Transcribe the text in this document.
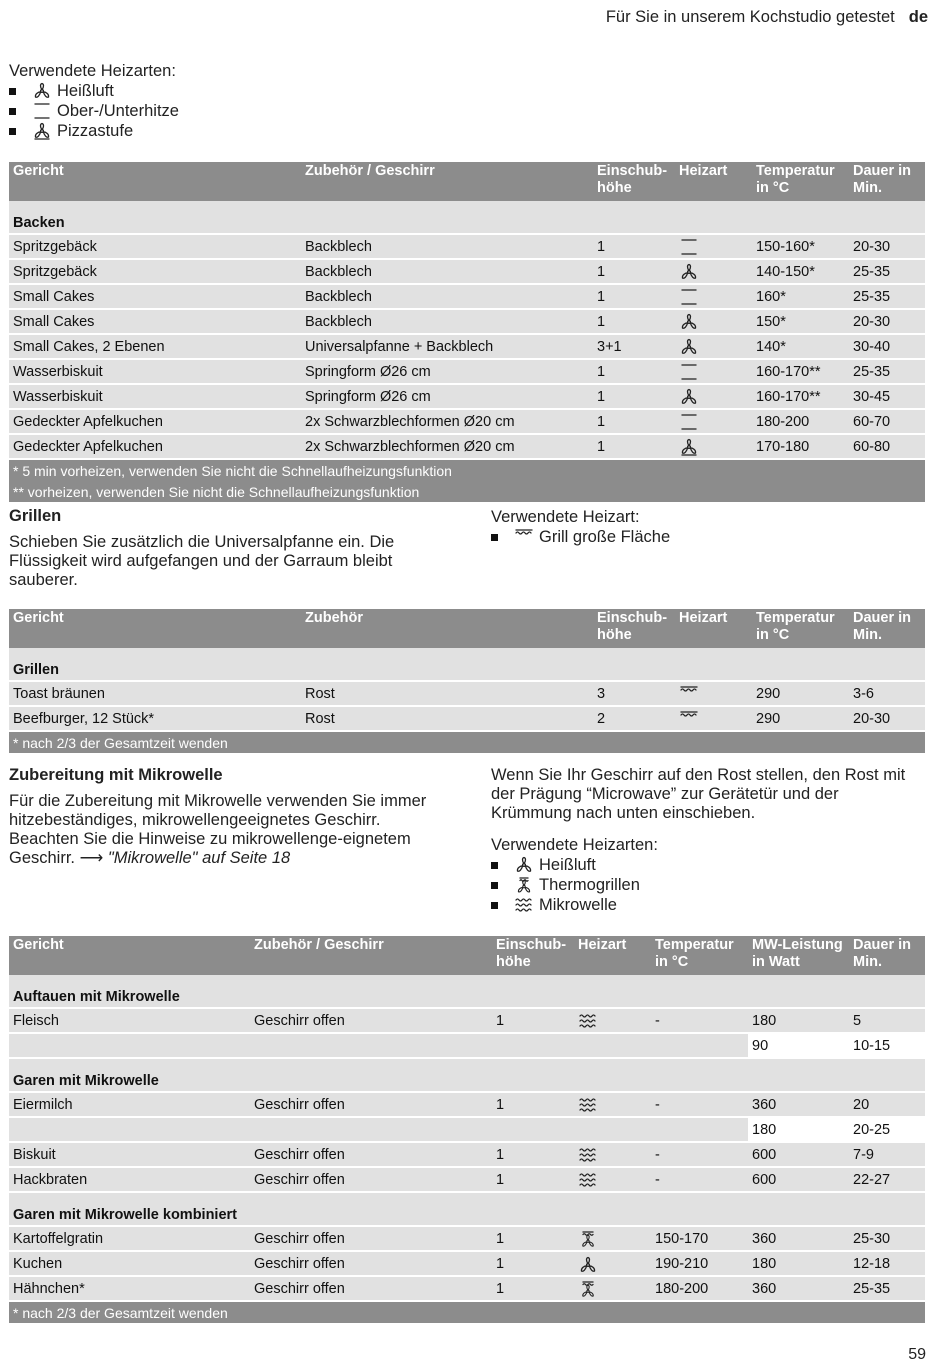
Für Sie in unserem Kochstudio getestet de
Verwendete Heizarten:
Heißluft
Ober-/Unterhitze
Pizzastufe
Gericht	Zubehör / Geschirr	Einschub-
höhe	Heizart	Temperatur
in °C	Dauer in
Min.
Backen					
Spritzgebäck	Backblech	1		150-160*	20-30
Spritzgebäck	Backblech	1		140-150*	25-35
Small Cakes	Backblech	1		160*	25-35
Small Cakes	Backblech	1		150*	20-30
Small Cakes, 2 Ebenen	Universalpfanne + Backblech	3+1		140*	30-40
Wasserbiskuit	Springform Ø26 cm	1		160-170**	25-35
Wasserbiskuit	Springform Ø26 cm	1		160-170**	30-45
Gedeckter Apfelkuchen	2x Schwarzblechformen Ø20 cm	1		180-200	60-70
Gedeckter Apfelkuchen	2x Schwarzblechformen Ø20 cm	1		170-180	60-80
* 5 min vorheizen, verwenden Sie nicht die Schnellaufheizungsfunktion					
** vorheizen, verwenden Sie nicht die Schnellaufheizungsfunktion					
Grillen
Schieben Sie zusätzlich die Universalpfanne ein. Die Flüssigkeit wird aufgefangen und der Garraum bleibt sauberer.
Verwendete Heizart:
Grill große Fläche
Gericht	Zubehör	Einschub-
höhe	Heizart	Temperatur
in °C	Dauer in
Min.
Grillen					
Toast bräunen	Rost	3		290	3-6
Beefburger, 12 Stück*	Rost	2		290	20-30
* nach 2/3 der Gesamtzeit wenden					
Zubereitung mit Mikrowelle
Für die Zubereitung mit Mikrowelle verwenden Sie immer hitzebeständiges, mikrowellengeeignetes Geschirr. Beachten Sie die Hinweise zu mikrowellenge-eignetem Geschirr. ⟶ "Mikrowelle" auf Seite 18
Wenn Sie Ihr Geschirr auf den Rost stellen, den Rost mit der Prägung “Microwave” zur Gerätetür und der Krümmung nach unten einschieben.
Verwendete Heizarten:
Heißluft
Thermogrillen
Mikrowelle
Gericht	Zubehör / Geschirr	Einschub-
höhe	Heizart	Temperatur
in °C	MW-Leistung
in Watt	Dauer in
Min.
Auftauen mit Mikrowelle						
Fleisch	Geschirr offen	1		-	180	5
					90	10-15
Garen mit Mikrowelle						
Eiermilch	Geschirr offen	1		-	360	20
					180	20-25
Biskuit	Geschirr offen	1		-	600	7-9
Hackbraten	Geschirr offen	1		-	600	22-27
Garen mit Mikrowelle kombiniert						
Kartoffelgratin	Geschirr offen	1		150-170	360	25-30
Kuchen	Geschirr offen	1		190-210	180	12-18
Hähnchen*	Geschirr offen	1		180-200	360	25-35
* nach 2/3 der Gesamtzeit wenden						
59
